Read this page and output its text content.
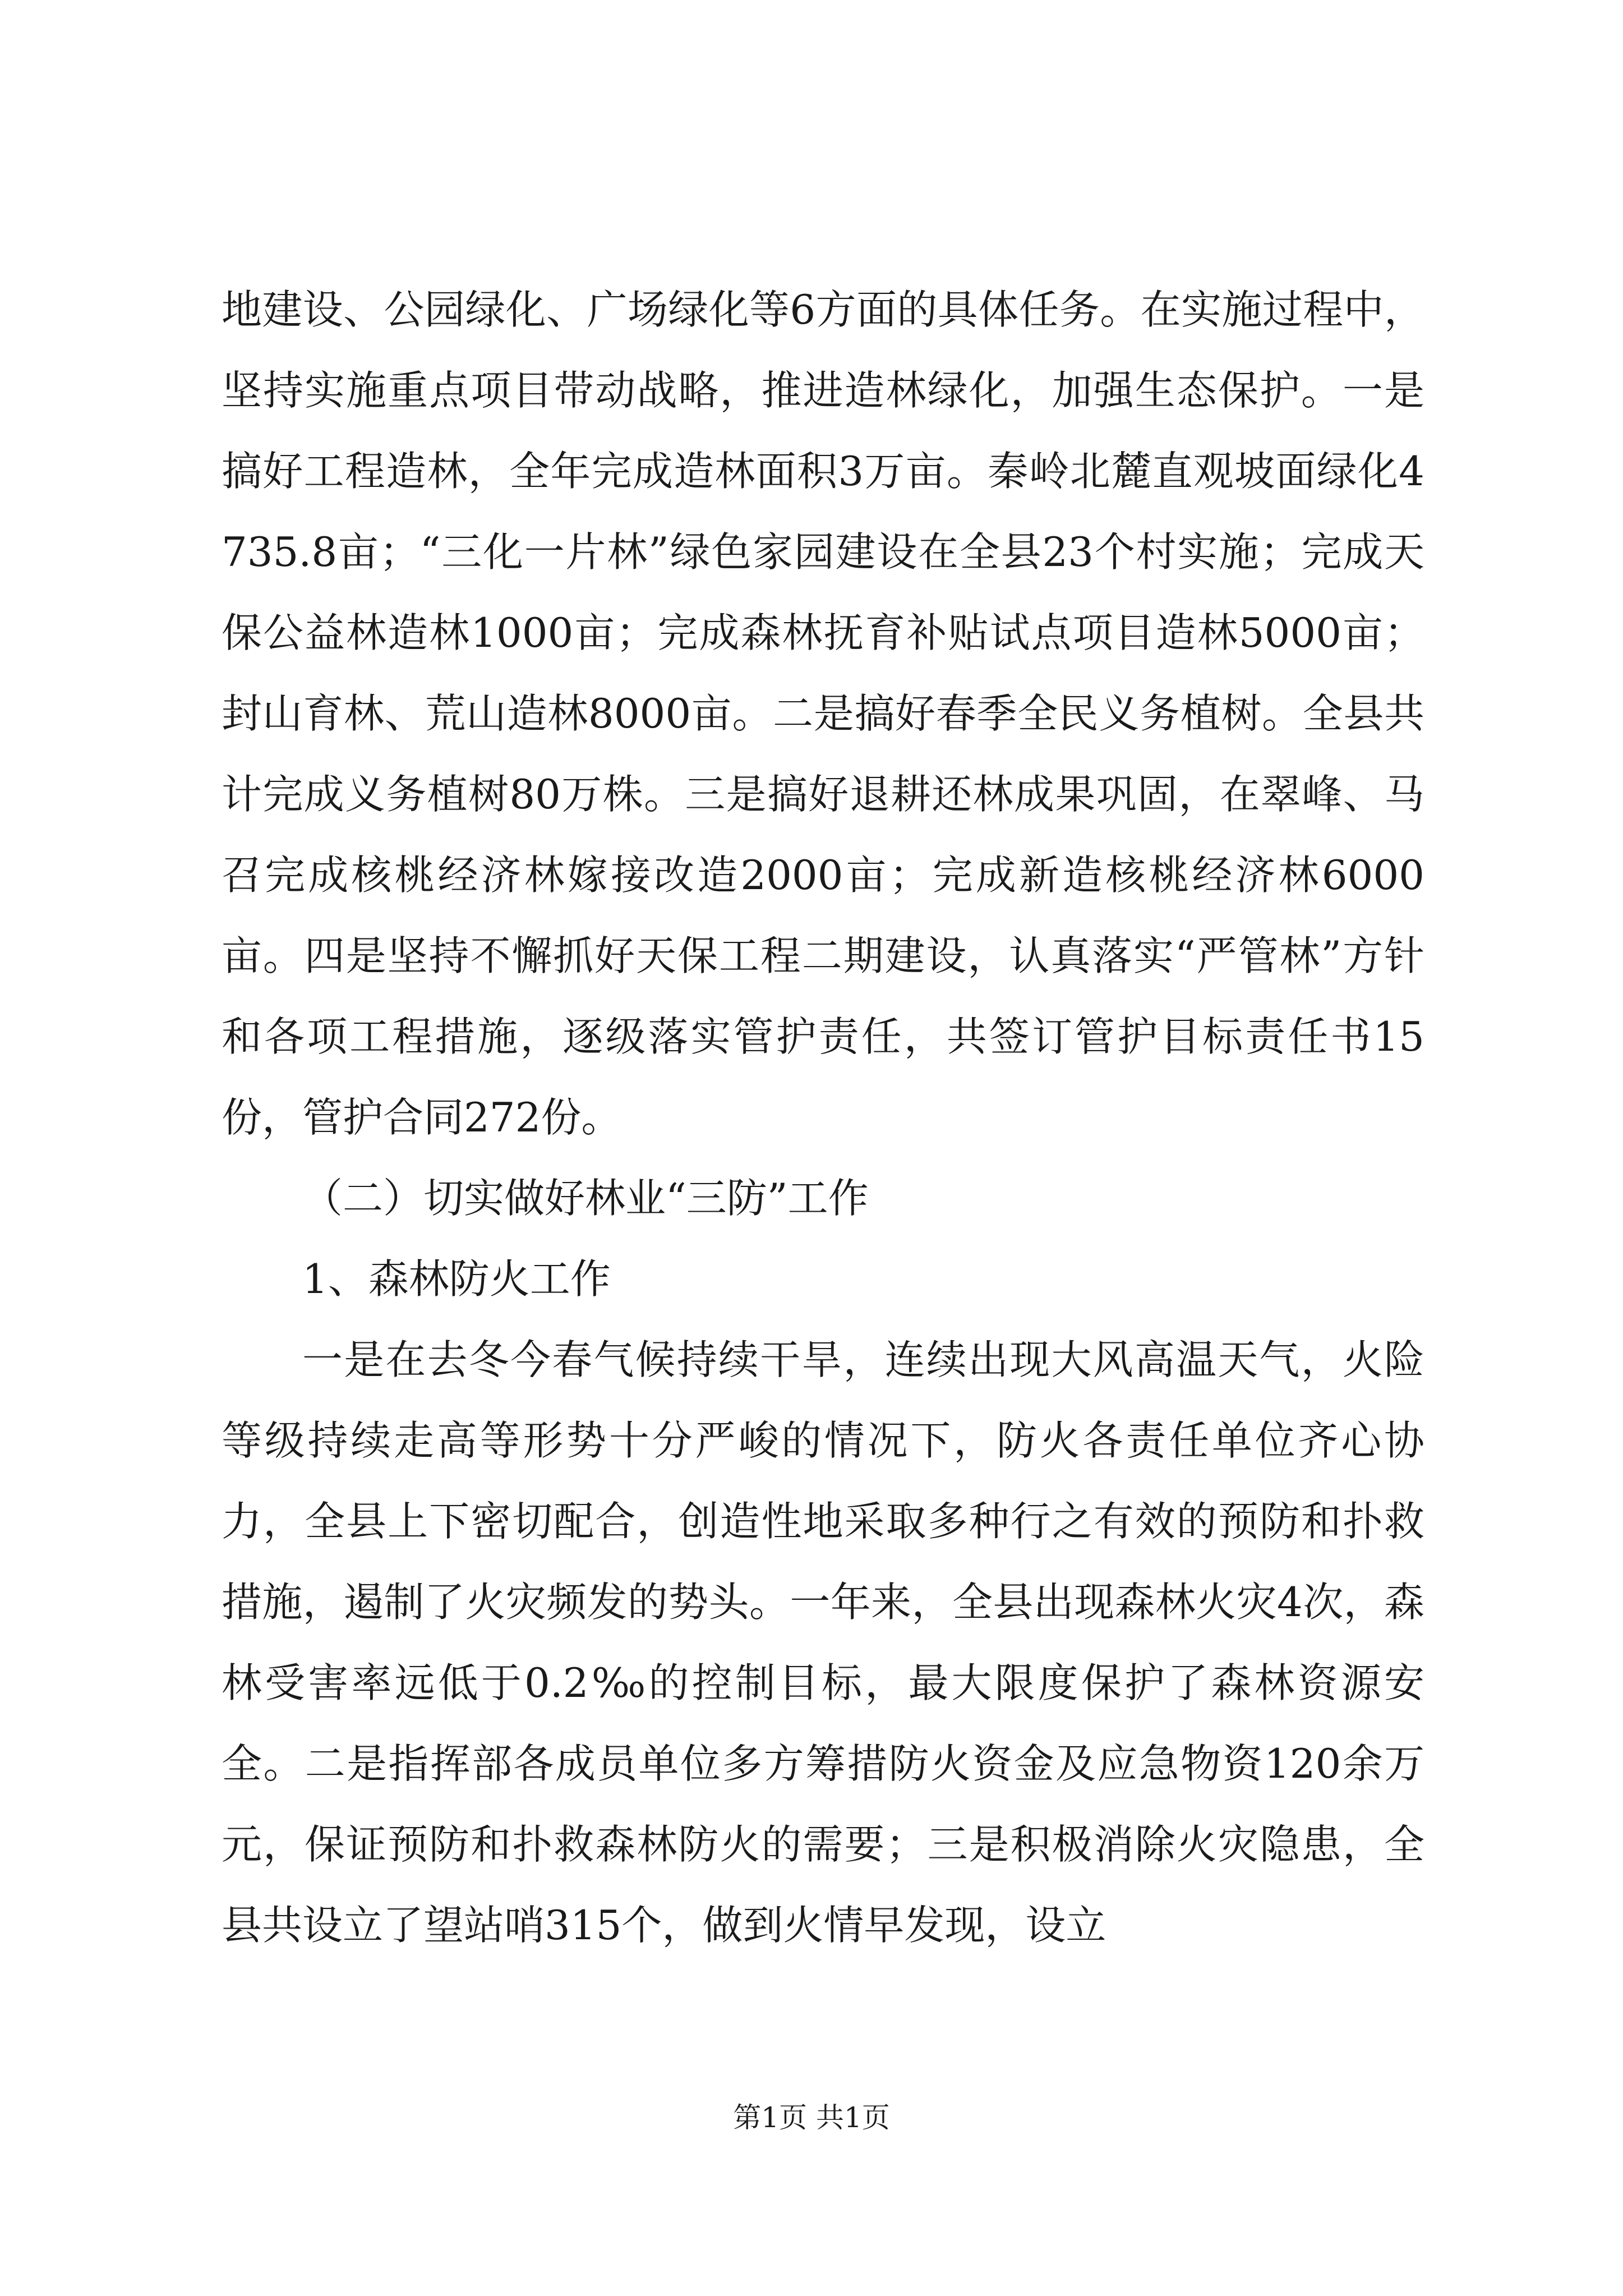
地建设、公园绿化、广场绿化等6方面的具体任务。在实施过程中，坚持实施重点项目带动战略，推进造林绿化，加强生态保护。一是搞好工程造林，全年完成造林面积3万亩。秦岭北麓直观坡面绿化4735.8亩；“三化一片林”绿色家园建设在全县23个村实施；完成天保公益林造林1000亩；完成森林抚育补贴试点项目造林5000亩；封山育林、荒山造林8000亩。二是搞好春季全民义务植树。全县共计完成义务植树80万株。三是搞好退耕还林成果巩固，在翠峰、马召完成核桃经济林嫁接改造2000亩；完成新造核桃经济林6000亩。四是坚持不懈抓好天保工程二期建设，认真落实“严管林”方针和各项工程措施，逐级落实管护责任，共签订管护目标责任书15份，管护合同272份。

（二）切实做好林业“三防”工作

1、森林防火工作

一是在去冬今春气候持续干旱，连续出现大风高温天气，火险等级持续走高等形势十分严峻的情况下，防火各责任单位齐心协力，全县上下密切配合，创造性地采取多种行之有效的预防和扑救措施，遏制了火灾频发的势头。一年来，全县出现森林火灾4次，森林受害率远低于0.2‰的控制目标，最大限度保护了森林资源安全。二是指挥部各成员单位多方筹措防火资金及应急物资120余万元，保证预防和扑救森林防火的需要；三是积极消除火灾隐患，全县共设立了望站哨315个，做到火情早发现，设立

第1页 共1页
